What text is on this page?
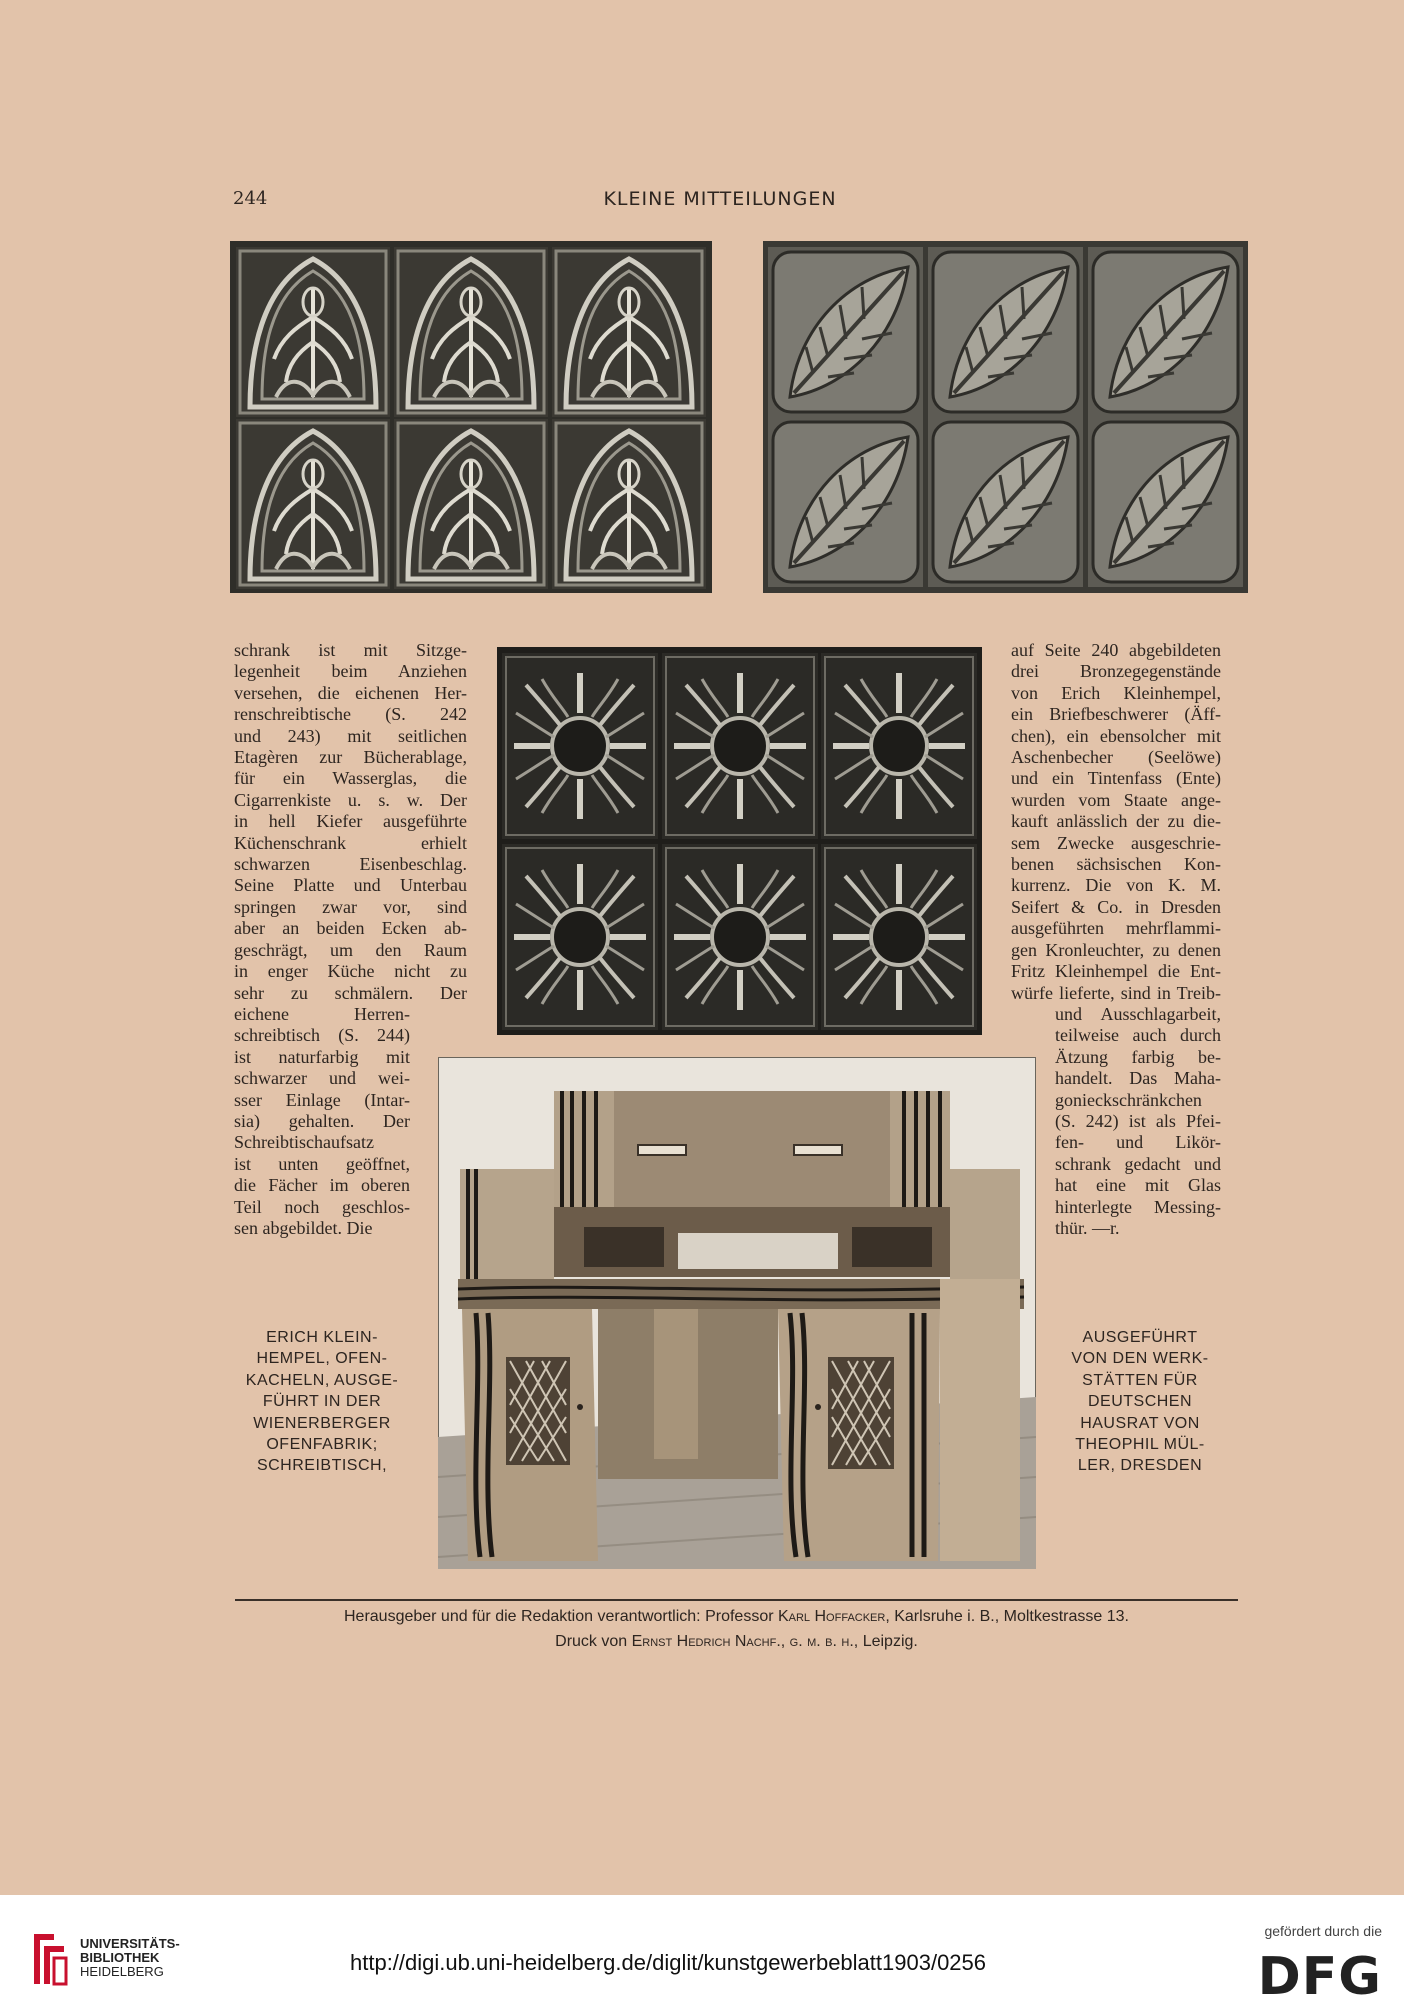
244	KLEINE MITTEILUNGEN
schrank ist mit Sitzge-
legenheit beim Anziehen
versehen, die eichenen Her-
renschreibtische (S. 242
und 243) mit seitlichen
Etagèren zur Bücherablage,
für ein Wasserglas, die
Cigarrenkiste u. s. w. Der
in hell Kiefer ausgeführte
Küchenschrank erhielt
schwarzen Eisenbeschlag.
Seine Platte und Unterbau
springen zwar vor, sind
aber an beiden Ecken ab-
geschrägt, um den Raum
in enger Küche nicht zu
sehr zu schmälern. Der
eichene Herren-
schreibtisch (S. 244)
ist naturfarbig mit
schwarzer und wei-
sser Einlage (Intar-
sia) gehalten. Der
Schreibtischaufsatz
ist unten geöffnet,
die Fächer im oberen
Teil noch geschlos-
sen abgebildet. Die
auf Seite 240 abgebildeten
drei Bronzegegenstände
von Erich Kleinhempel,
ein Briefbeschwerer (Äff-
chen), ein ebensolcher mit
Aschenbecher (Seelöwe)
und ein Tintenfass (Ente)
wurden vom Staate ange-
kauft anlässlich der zu die-
sem Zwecke ausgeschrie-
benen sächsischen Kon-
kurrenz. Die von K. M.
Seifert & Co. in Dresden
ausgeführten mehrflammi-
gen Kronleuchter, zu denen
Fritz Kleinhempel die Ent-
würfe lieferte, sind in Treib-
und Ausschlagarbeit,
teilweise auch durch
Ätzung farbig be-
handelt. Das Maha-
gonieckschränkchen
(S. 242) ist als Pfei-
fen- und Likör-
schrank gedacht und
hat eine mit Glas
hinterlegte Messing-
thür. —r.
ERICH KLEIN-
HEMPEL, OFEN-
KACHELN, AUSGE-
FÜHRT IN DER
WIENERBERGER
OFENFABRIK;
SCHREIBTISCH,
AUSGEFÜHRT
VON DEN WERK-
STÄTTEN FÜR
DEUTSCHEN
HAUSRAT VON
THEOPHIL MÜL-
LER, DRESDEN
Herausgeber und für die Redaktion verantwortlich: Professor Karl Hoffacker, Karlsruhe i. B., Moltkestrasse 13.
Druck von Ernst Hedrich Nachf., g. m. b. h., Leipzig.
UNIVERSITÄTS-
BIBLIOTHEK
HEIDELBERG	http://digi.ub.uni-heidelberg.de/diglit/kunstgewerbeblatt1903/0256
gefördert durch die
DFG
